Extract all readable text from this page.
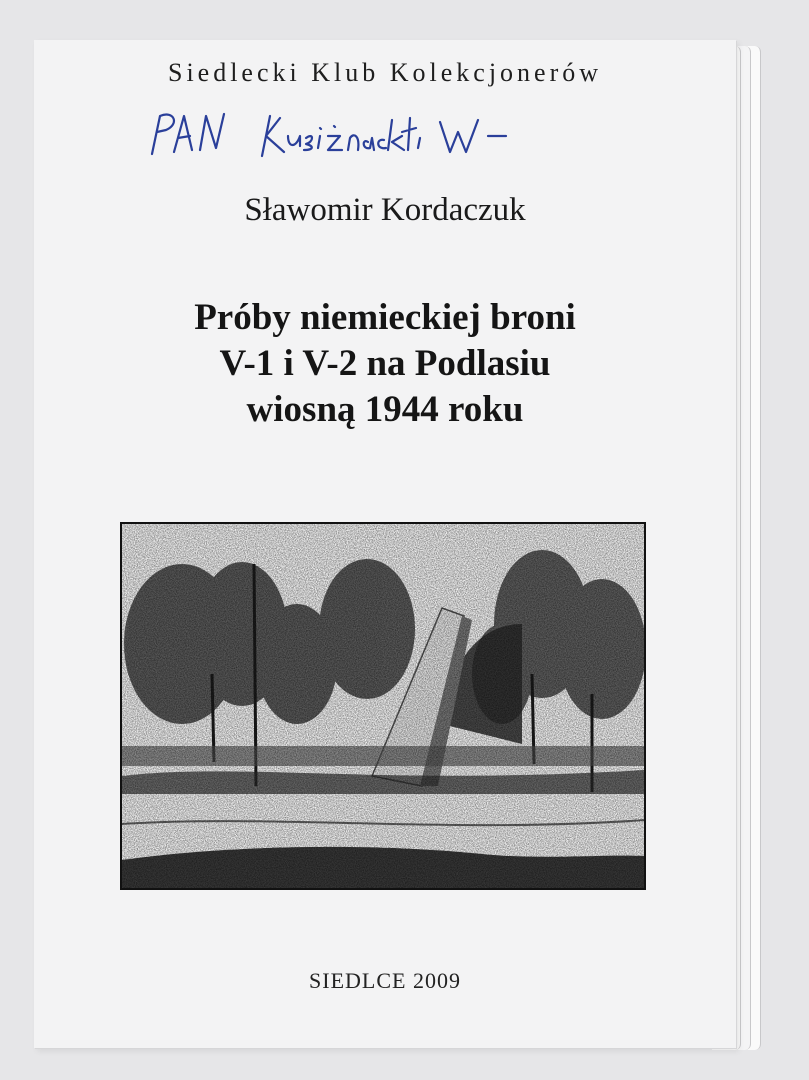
Siedlecki Klub Kolekcjonerów
Sławomir Kordaczuk
Próby niemieckiej broni
V-1 i V-2 na Podlasiu
wiosną 1944 roku
SIEDLCE 2009
